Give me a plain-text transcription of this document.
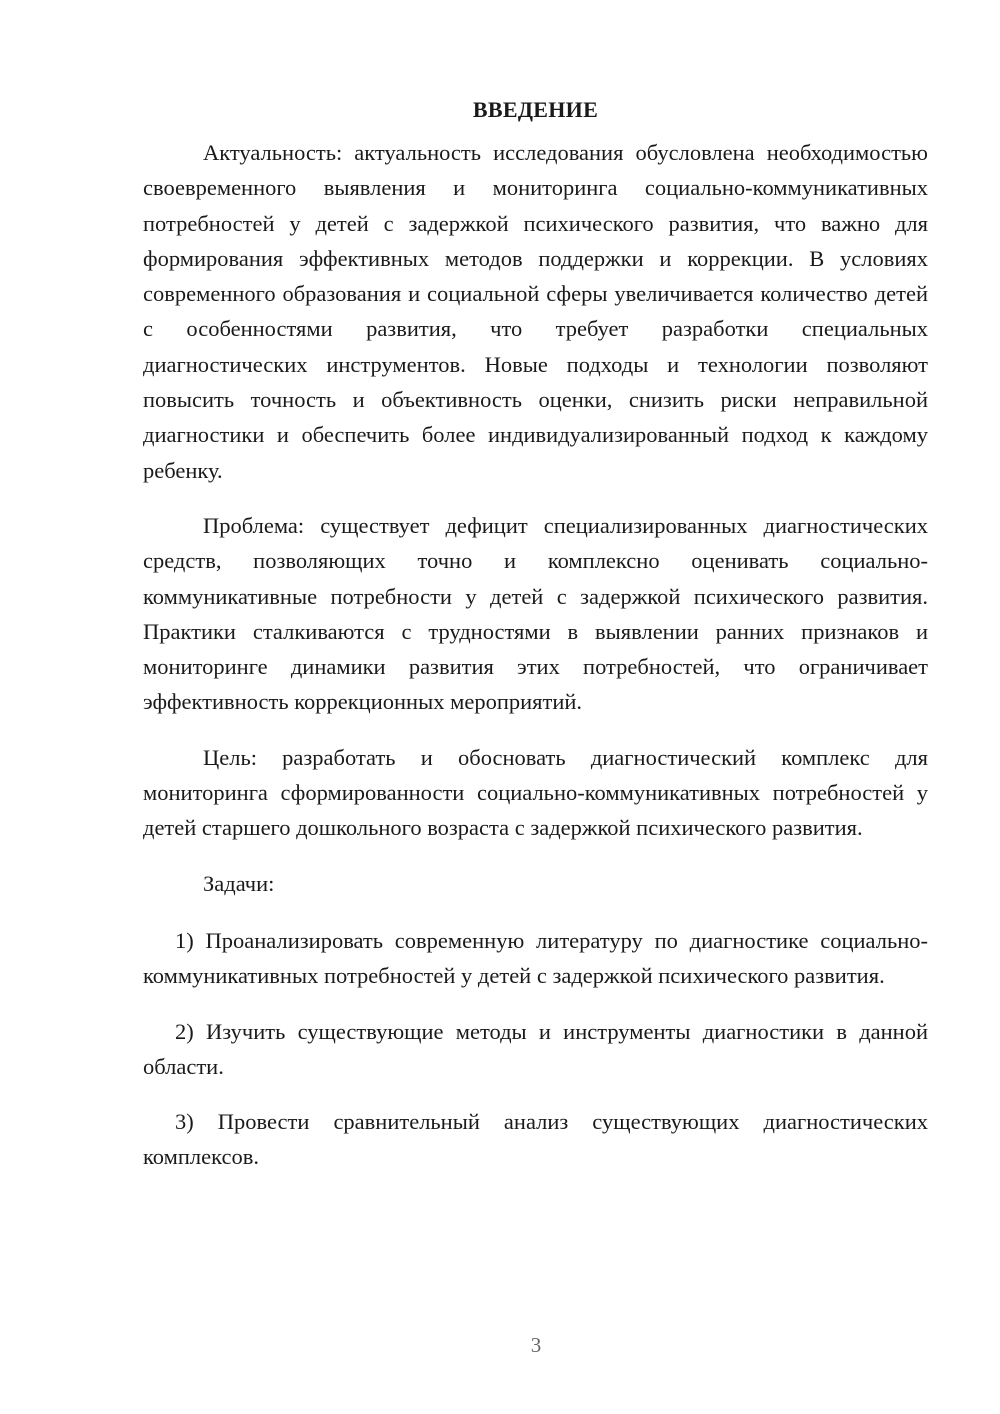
ВВЕДЕНИЕ

Актуальность: актуальность исследования обусловлена необходимостью своевременного выявления и мониторинга социально-коммуникативных потребностей у детей с задержкой психического развития, что важно для формирования эффективных методов поддержки и коррекции. В условиях современного образования и социальной сферы увеличивается количество детей с особенностями развития, что требует разработки специальных диагностических инструментов. Новые подходы и технологии позволяют повысить точность и объективность оценки, снизить риски неправильной диагностики и обеспечить более индивидуализированный подход к каждому ребенку.

Проблема: существует дефицит специализированных диагностических средств, позволяющих точно и комплексно оценивать социально-коммуникативные потребности у детей с задержкой психического развития. Практики сталкиваются с трудностями в выявлении ранних признаков и мониторинге динамики развития этих потребностей, что ограничивает эффективность коррекционных мероприятий.

Цель: разработать и обосновать диагностический комплекс для мониторинга сформированности социально-коммуникативных потребностей у детей старшего дошкольного возраста с задержкой психического развития.

Задачи:

1) Проанализировать современную литературу по диагностике социально-коммуникативных потребностей у детей с задержкой психического развития.

2) Изучить существующие методы и инструменты диагностики в данной области.

3) Провести сравнительный анализ существующих диагностических комплексов.

3
